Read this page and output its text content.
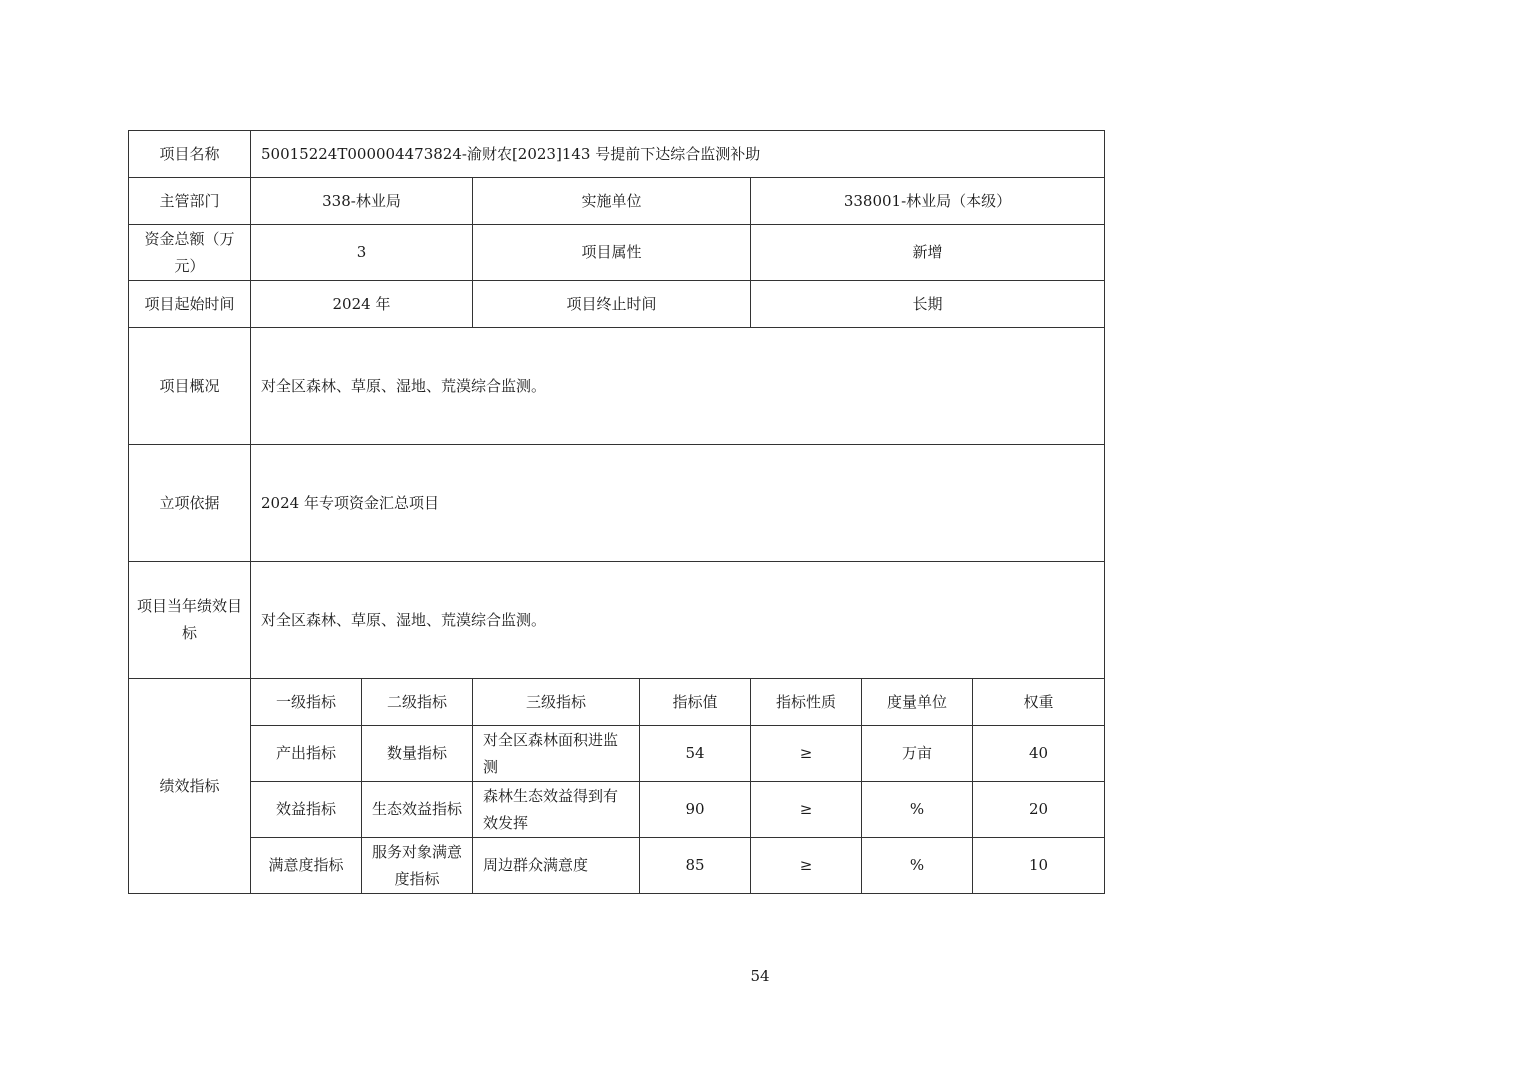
项目名称	50015224T000004473824-渝财农[2023]143 号提前下达综合监测补助						
主管部门	338-林业局		实施单位		338001-林业局（本级）		
资金总额（万元）	3		项目属性		新增		
项目起始时间	2024 年		项目终止时间		长期		
项目概况	对全区森林、草原、湿地、荒漠综合监测。						
立项依据	2024 年专项资金汇总项目						
项目当年绩效目标	对全区森林、草原、湿地、荒漠综合监测。						
绩效指标	一级指标	二级指标	三级指标	指标值	指标性质	度量单位	权重
	产出指标	数量指标	对全区森林面积进监测	54	≥	万亩	40
	效益指标	生态效益指标	森林生态效益得到有效发挥	90	≥	%	20
	满意度指标	服务对象满意度指标	周边群众满意度	85	≥	%	10
54
